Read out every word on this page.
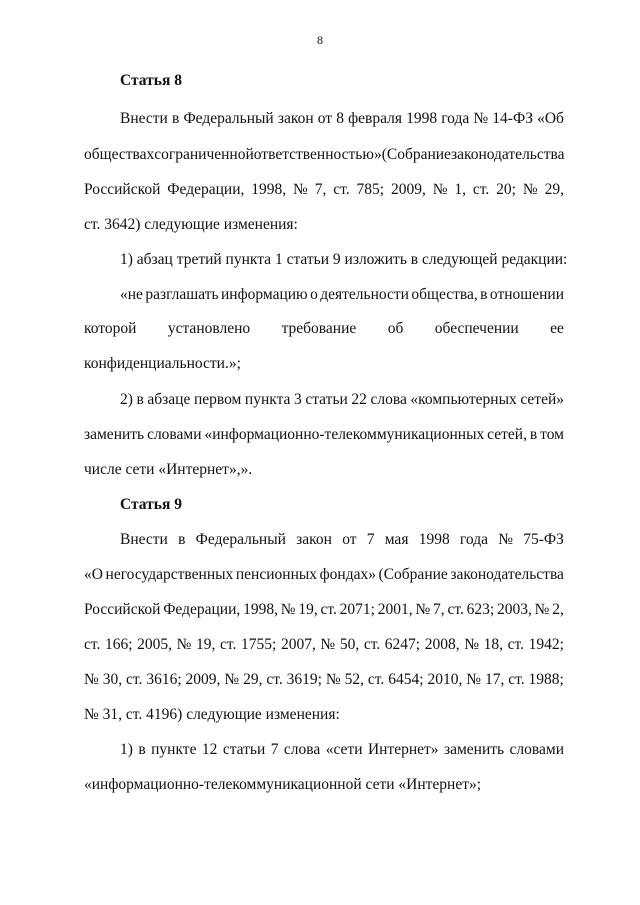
8
Статья 8
Внести в Федеральный закон от 8 февраля 1998 года № 14-ФЗ «Об
обществах с ограниченной ответственностью» (Собрание законодательства
Российской Федерации, 1998, № 7, ст. 785; 2009, № 1, ст. 20; № 29,
ст. 3642) следующие изменения:
1) абзац третий пункта 1 статьи 9 изложить в следующей редакции:
«не разглашать информацию о деятельности общества, в отношении
которой установлено требование об обеспечении ее
конфиденциальности.»;
2) в абзаце первом пункта 3 статьи 22 слова «компьютерных сетей»
заменить словами «информационно-телекоммуникационных сетей, в том
числе сети «Интернет»,».
Статья 9
Внести в Федеральный закон от 7 мая 1998 года № 75-ФЗ
«О негосударственных пенсионных фондах» (Собрание законодательства
Российской Федерации, 1998, № 19, ст. 2071; 2001, № 7, ст. 623; 2003, № 2,
ст. 166; 2005, № 19, ст. 1755; 2007, № 50, ст. 6247; 2008, № 18, ст. 1942;
№ 30, ст. 3616; 2009, № 29, ст. 3619; № 52, ст. 6454; 2010, № 17, ст. 1988;
№ 31, ст. 4196) следующие изменения:
1) в пункте 12 статьи 7 слова «сети Интернет» заменить словами
«информационно-телекоммуникационной сети «Интернет»;
